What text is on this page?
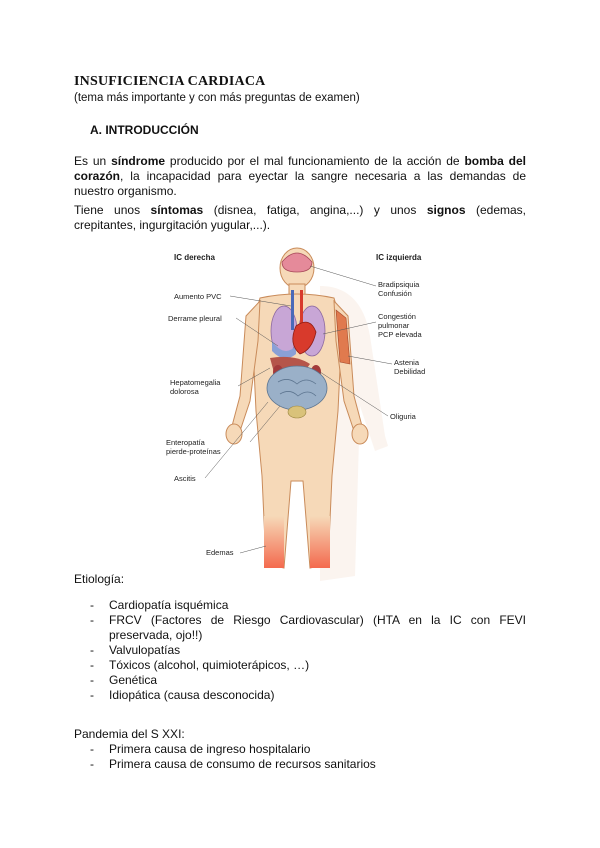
INSUFICIENCIA CARDIACA
(tema más importante y con más preguntas de examen)
A. INTRODUCCIÓN
Es un síndrome producido por el mal funcionamiento de la acción de bomba del corazón, la incapacidad para eyectar la sangre necesaria a las demandas de nuestro organismo.
Tiene unos síntomas (disnea, fatiga, angina,...) y unos signos (edemas, crepitantes, ingurgitación yugular,...).
IC derecha	IC izquierda
Aumento PVC
Derrame pleural
Hepatomegalia
dolorosa
Enteropatía
pierde-proteínas
Ascitis
Edemas
Bradipsiquia
Confusión
Congestión
pulmonar
PCP elevada
Astenia
Debilidad
Oliguria
Etiología:
- Cardiopatía isquémica
- FRCV (Factores de Riesgo Cardiovascular) (HTA en la IC con FEVI preservada, ojo!!)
- Valvulopatías
- Tóxicos (alcohol, quimioterápicos, …)
- Genética
- Idiopática (causa desconocida)
Pandemia del S XXI:
- Primera causa de ingreso hospitalario
- Primera causa de consumo de recursos sanitarios
